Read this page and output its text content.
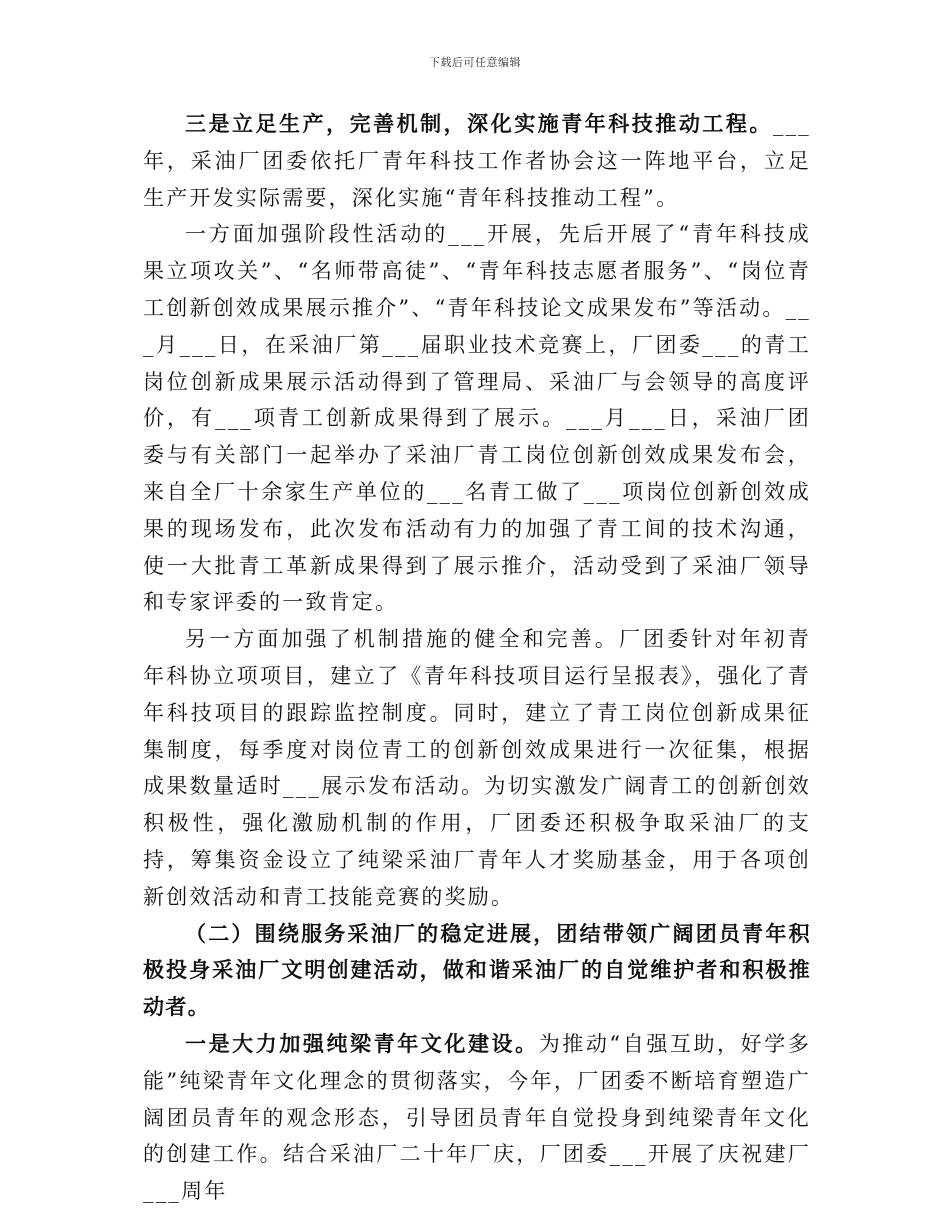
下载后可任意编辑

三是立足生产，完善机制，深化实施青年科技推动工程。___年，采油厂团委依托厂青年科技工作者协会这一阵地平台，立足生产开发实际需要，深化实施“青年科技推动工程”。

一方面加强阶段性活动的___开展，先后开展了“青年科技成果立项攻关”、“名师带高徒”、“青年科技志愿者服务”、“岗位青工创新创效成果展示推介”、“青年科技论文成果发布”等活动。___月___日，在采油厂第___届职业技术竞赛上，厂团委___的青工岗位创新成果展示活动得到了管理局、采油厂与会领导的高度评价，有___项青工创新成果得到了展示。___月___日，采油厂团委与有关部门一起举办了采油厂青工岗位创新创效成果发布会，来自全厂十余家生产单位的___名青工做了___项岗位创新创效成果的现场发布，此次发布活动有力的加强了青工间的技术沟通，使一大批青工革新成果得到了展示推介，活动受到了采油厂领导和专家评委的一致肯定。

另一方面加强了机制措施的健全和完善。厂团委针对年初青年科协立项项目，建立了《青年科技项目运行呈报表》，强化了青年科技项目的跟踪监控制度。同时，建立了青工岗位创新成果征集制度，每季度对岗位青工的创新创效成果进行一次征集，根据成果数量适时___展示发布活动。为切实激发广阔青工的创新创效积极性，强化激励机制的作用，厂团委还积极争取采油厂的支持，筹集资金设立了纯梁采油厂青年人才奖励基金，用于各项创新创效活动和青工技能竞赛的奖励。

（二）围绕服务采油厂的稳定进展，团结带领广阔团员青年积极投身采油厂文明创建活动，做和谐采油厂的自觉维护者和积极推动者。

一是大力加强纯梁青年文化建设。为推动“自强互助，好学多能”纯梁青年文化理念的贯彻落实，今年，厂团委不断培育塑造广阔团员青年的观念形态，引导团员青年自觉投身到纯梁青年文化的创建工作。结合采油厂二十年厂庆，厂团委___开展了庆祝建厂___周年
